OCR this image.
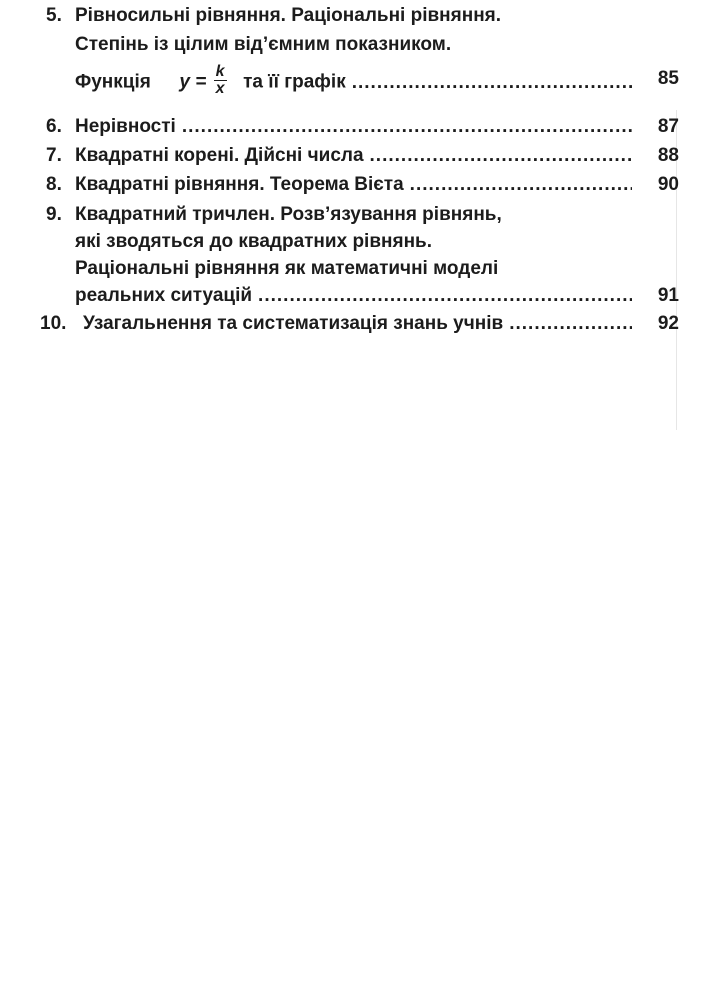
5. Рівносильні рівняння. Раціональні рівняння.
Степінь із цілим від’ємним показником.
Функція $y = \frac{k}{x}$ та її графік .....	85
6. Нерівності .....	87
7. Квадратні корені. Дійсні числа .....	88
8. Квадратні рівняння. Теорема Вієта .....	90
9. Квадратний тричлен. Розв’язування рівнянь,
які зводяться до квадратних рівнянь.
Раціональні рівняння як математичні моделі
реальних ситуацій .....	91
10. Узагальнення та систематизація знань учнів .....	92
